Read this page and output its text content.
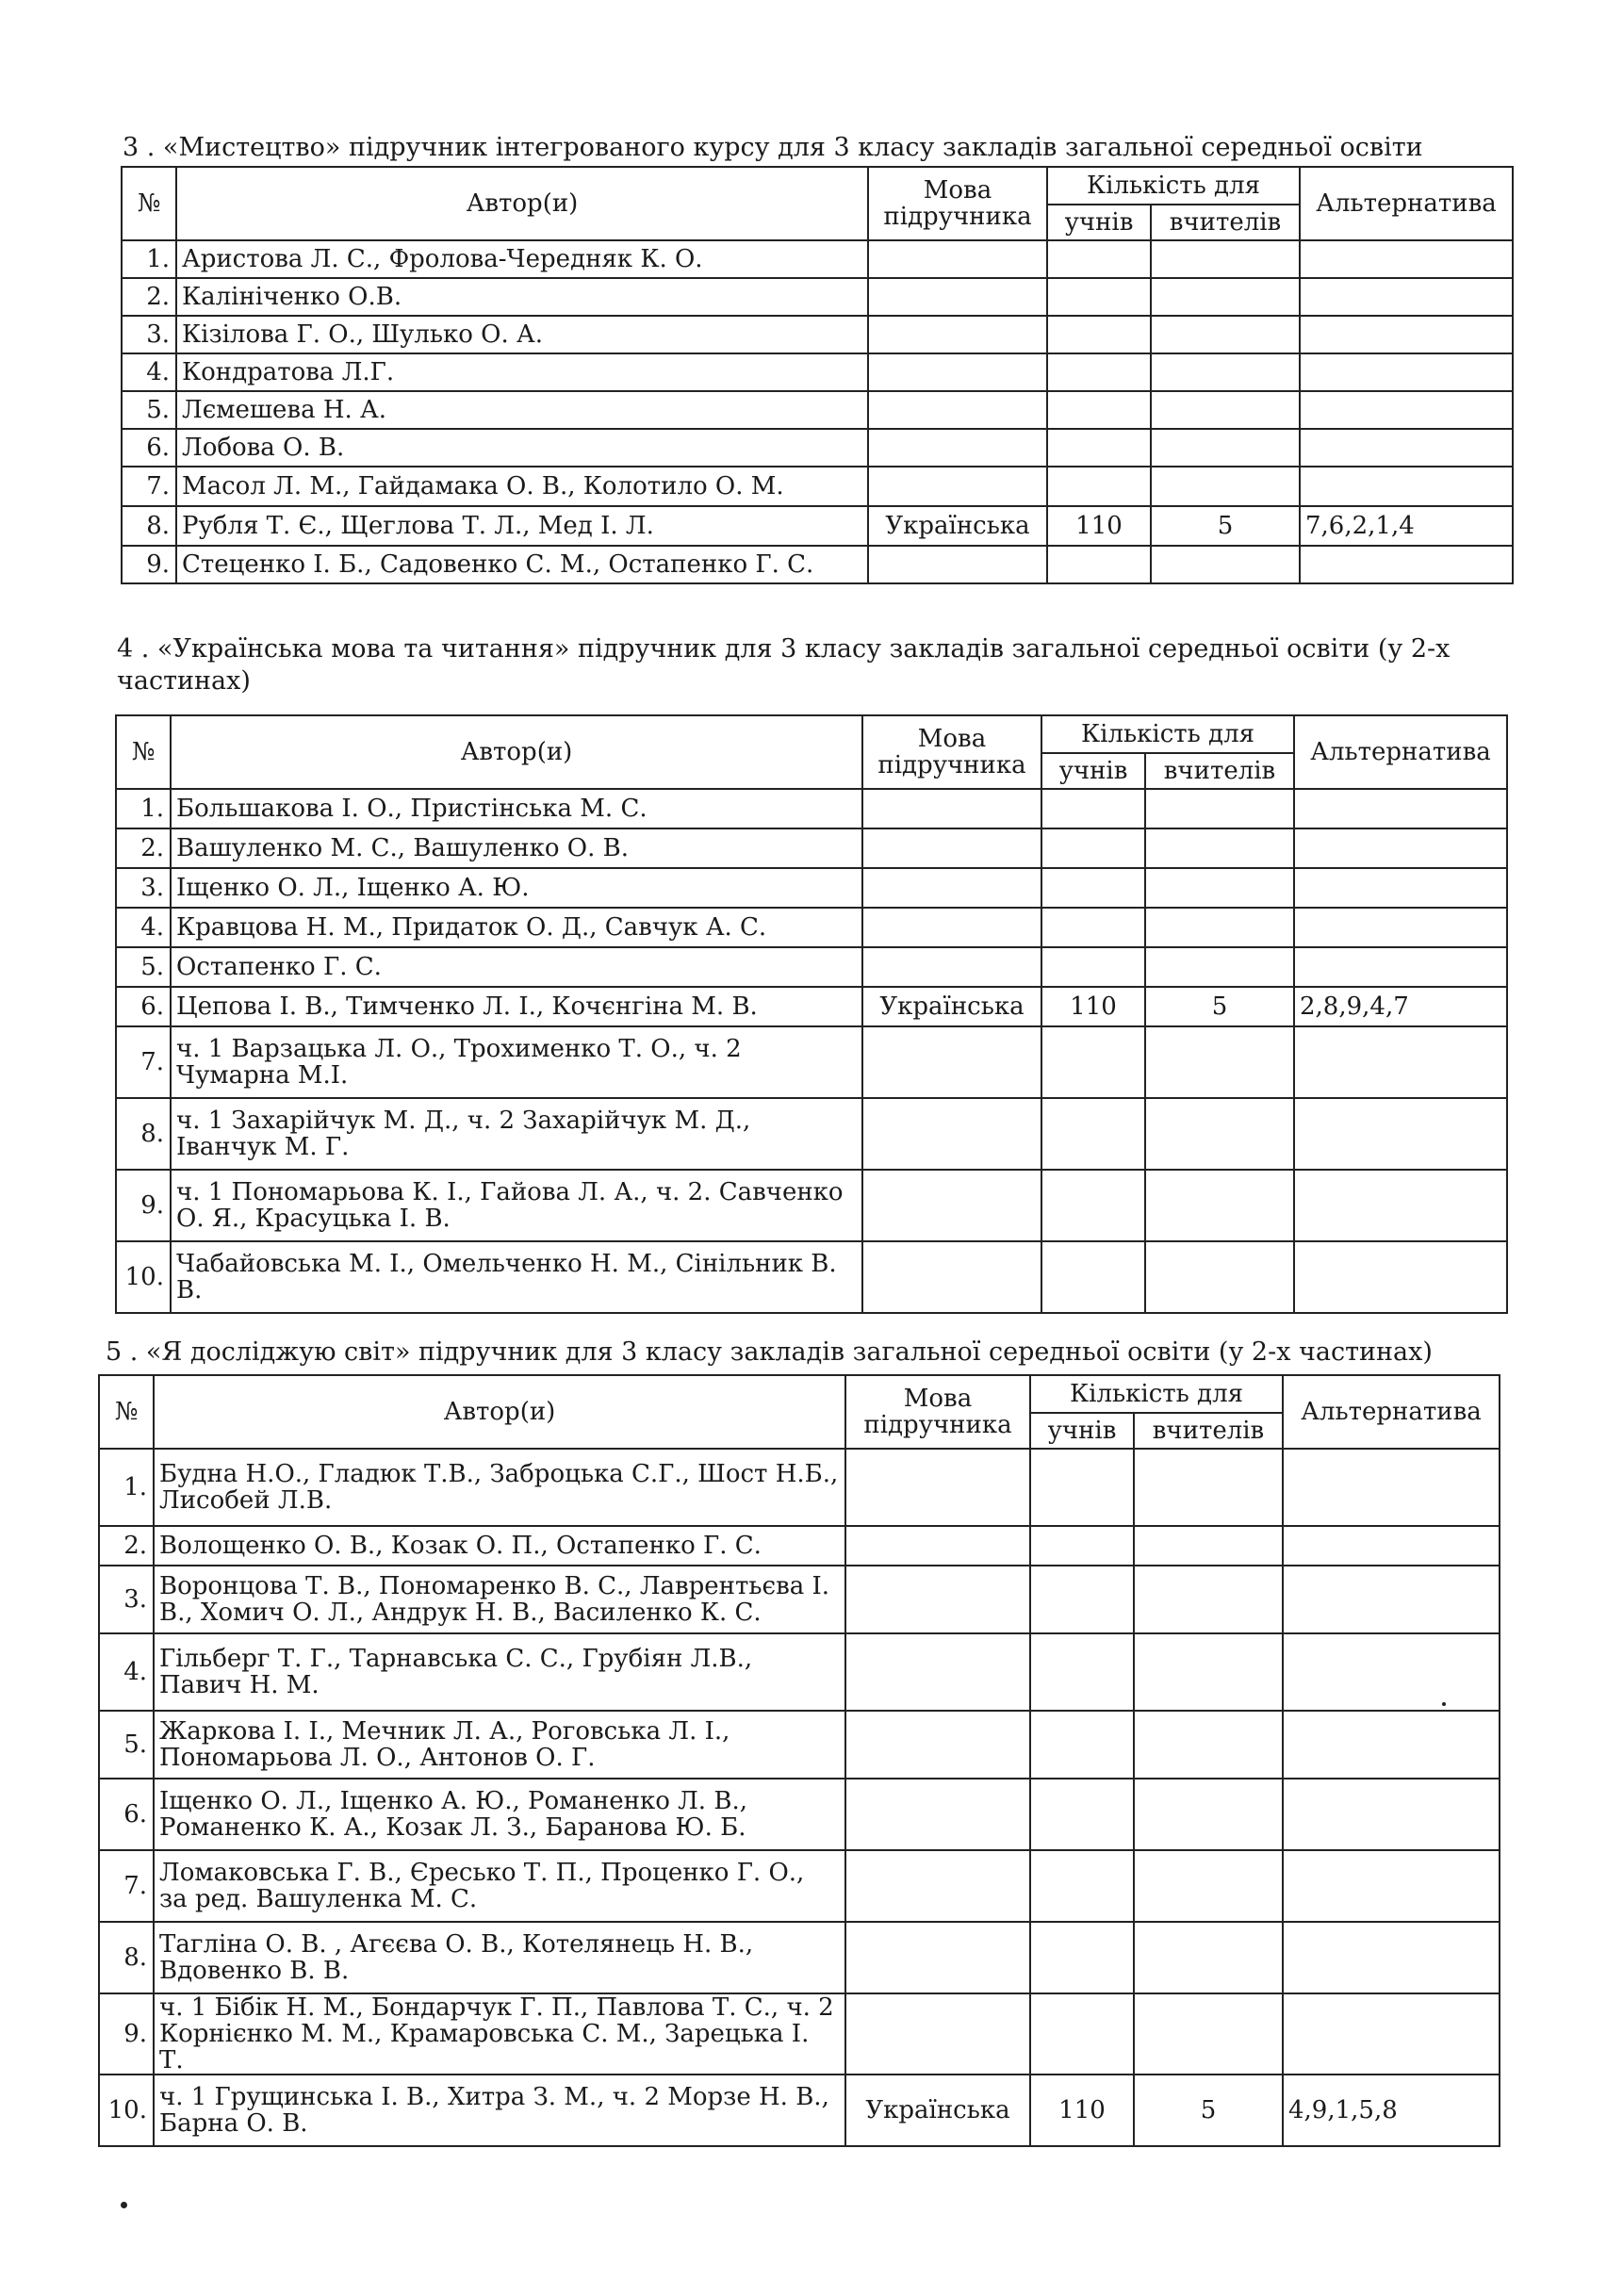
3 . «Мистецтво» підручник інтегрованого курсу для 3 класу закладів загальної середньої освіти
№	Автор(и)	Мова підручника	Кількість для		Альтернатива
			учнів	вчителів	
1.	Аристова Л. С., Фролова-Чередняк К. О.				
2.	Калініченко О.В.				
3.	Кізілова Г. О., Шулько О. А.				
4.	Кондратова Л.Г.				
5.	Лємешева Н. А.				
6.	Лобова О. В.				
7.	Масол Л. М., Гайдамака О. В., Колотило О. М.				
8.	Рубля Т. Є., Щеглова Т. Л., Мед І. Л.	Українська	110	5	7,6,2,1,4
9.	Стеценко І. Б., Садовенко С. М., Остапенко Г. С.				
4 . «Українська мова та читання» підручник для 3 класу закладів загальної середньої освіти (у 2-х частинах)
№	Автор(и)	Мова підручника	Кількість для		Альтернатива
			учнів	вчителів	
1.	Большакова І. О., Пристінська М. С.				
2.	Вашуленко М. С., Вашуленко О. В.				
3.	Іщенко О. Л., Іщенко А. Ю.				
4.	Кравцова Н. М., Придаток О. Д., Савчук А. С.				
5.	Остапенко Г. С.				
6.	Цепова І. В., Тимченко Л. І., Кочєнгіна М. В.	Українська	110	5	2,8,9,4,7
7.	ч. 1 Варзацька Л. О., Трохименко Т. О., ч. 2 Чумарна М.І.				
8.	ч. 1 Захарійчук М. Д., ч. 2 Захарійчук М. Д., Іванчук М. Г.				
9.	ч. 1 Пономарьова К. І., Гайова Л. А., ч. 2. Савченко О. Я., Красуцька І. В.				
10.	Чабайовська М. І., Омельченко Н. М., Сінільник В. В.				
5 . «Я досліджую світ» підручник для 3 класу закладів загальної середньої освіти (у 2-х частинах)
№	Автор(и)	Мова підручника	Кількість для		Альтернатива
			учнів	вчителів	
1.	Будна Н.О., Гладюк Т.В., Заброцька С.Г., Шост Н.Б., Лисобей Л.В.				
2.	Волощенко О. В., Козак О. П., Остапенко Г. С.				
3.	Воронцова Т. В., Пономаренко В. С., Лаврентьєва І. В., Хомич О. Л., Андрук Н. В., Василенко К. С.				
4.	Гільберг Т. Г., Тарнавська С. С., Грубіян Л.В., Павич Н. М.				
5.	Жаркова І. І., Мечник Л. А., Роговська Л. І., Пономарьова Л. О., Антонов О. Г.				
6.	Іщенко О. Л., Іщенко А. Ю., Романенко Л. В., Романенко К. А., Козак Л. З., Баранова Ю. Б.				
7.	Ломаковська Г. В., Єресько Т. П., Проценко Г. О., за ред. Вашуленка М. С.				
8.	Тагліна О. В. , Агєєва О. В., Котелянець Н. В., Вдовенко В. В.				
9.	ч. 1 Бібік Н. М., Бондарчук Г. П., Павлова Т. С., ч. 2 Корнієнко М. М., Крамаровська С. М., Зарецька І. Т.				
10.	ч. 1 Грущинська І. В., Хитра З. М., ч. 2 Морзе Н. В., Барна О. В.	Українська	110	5	4,9,1,5,8
